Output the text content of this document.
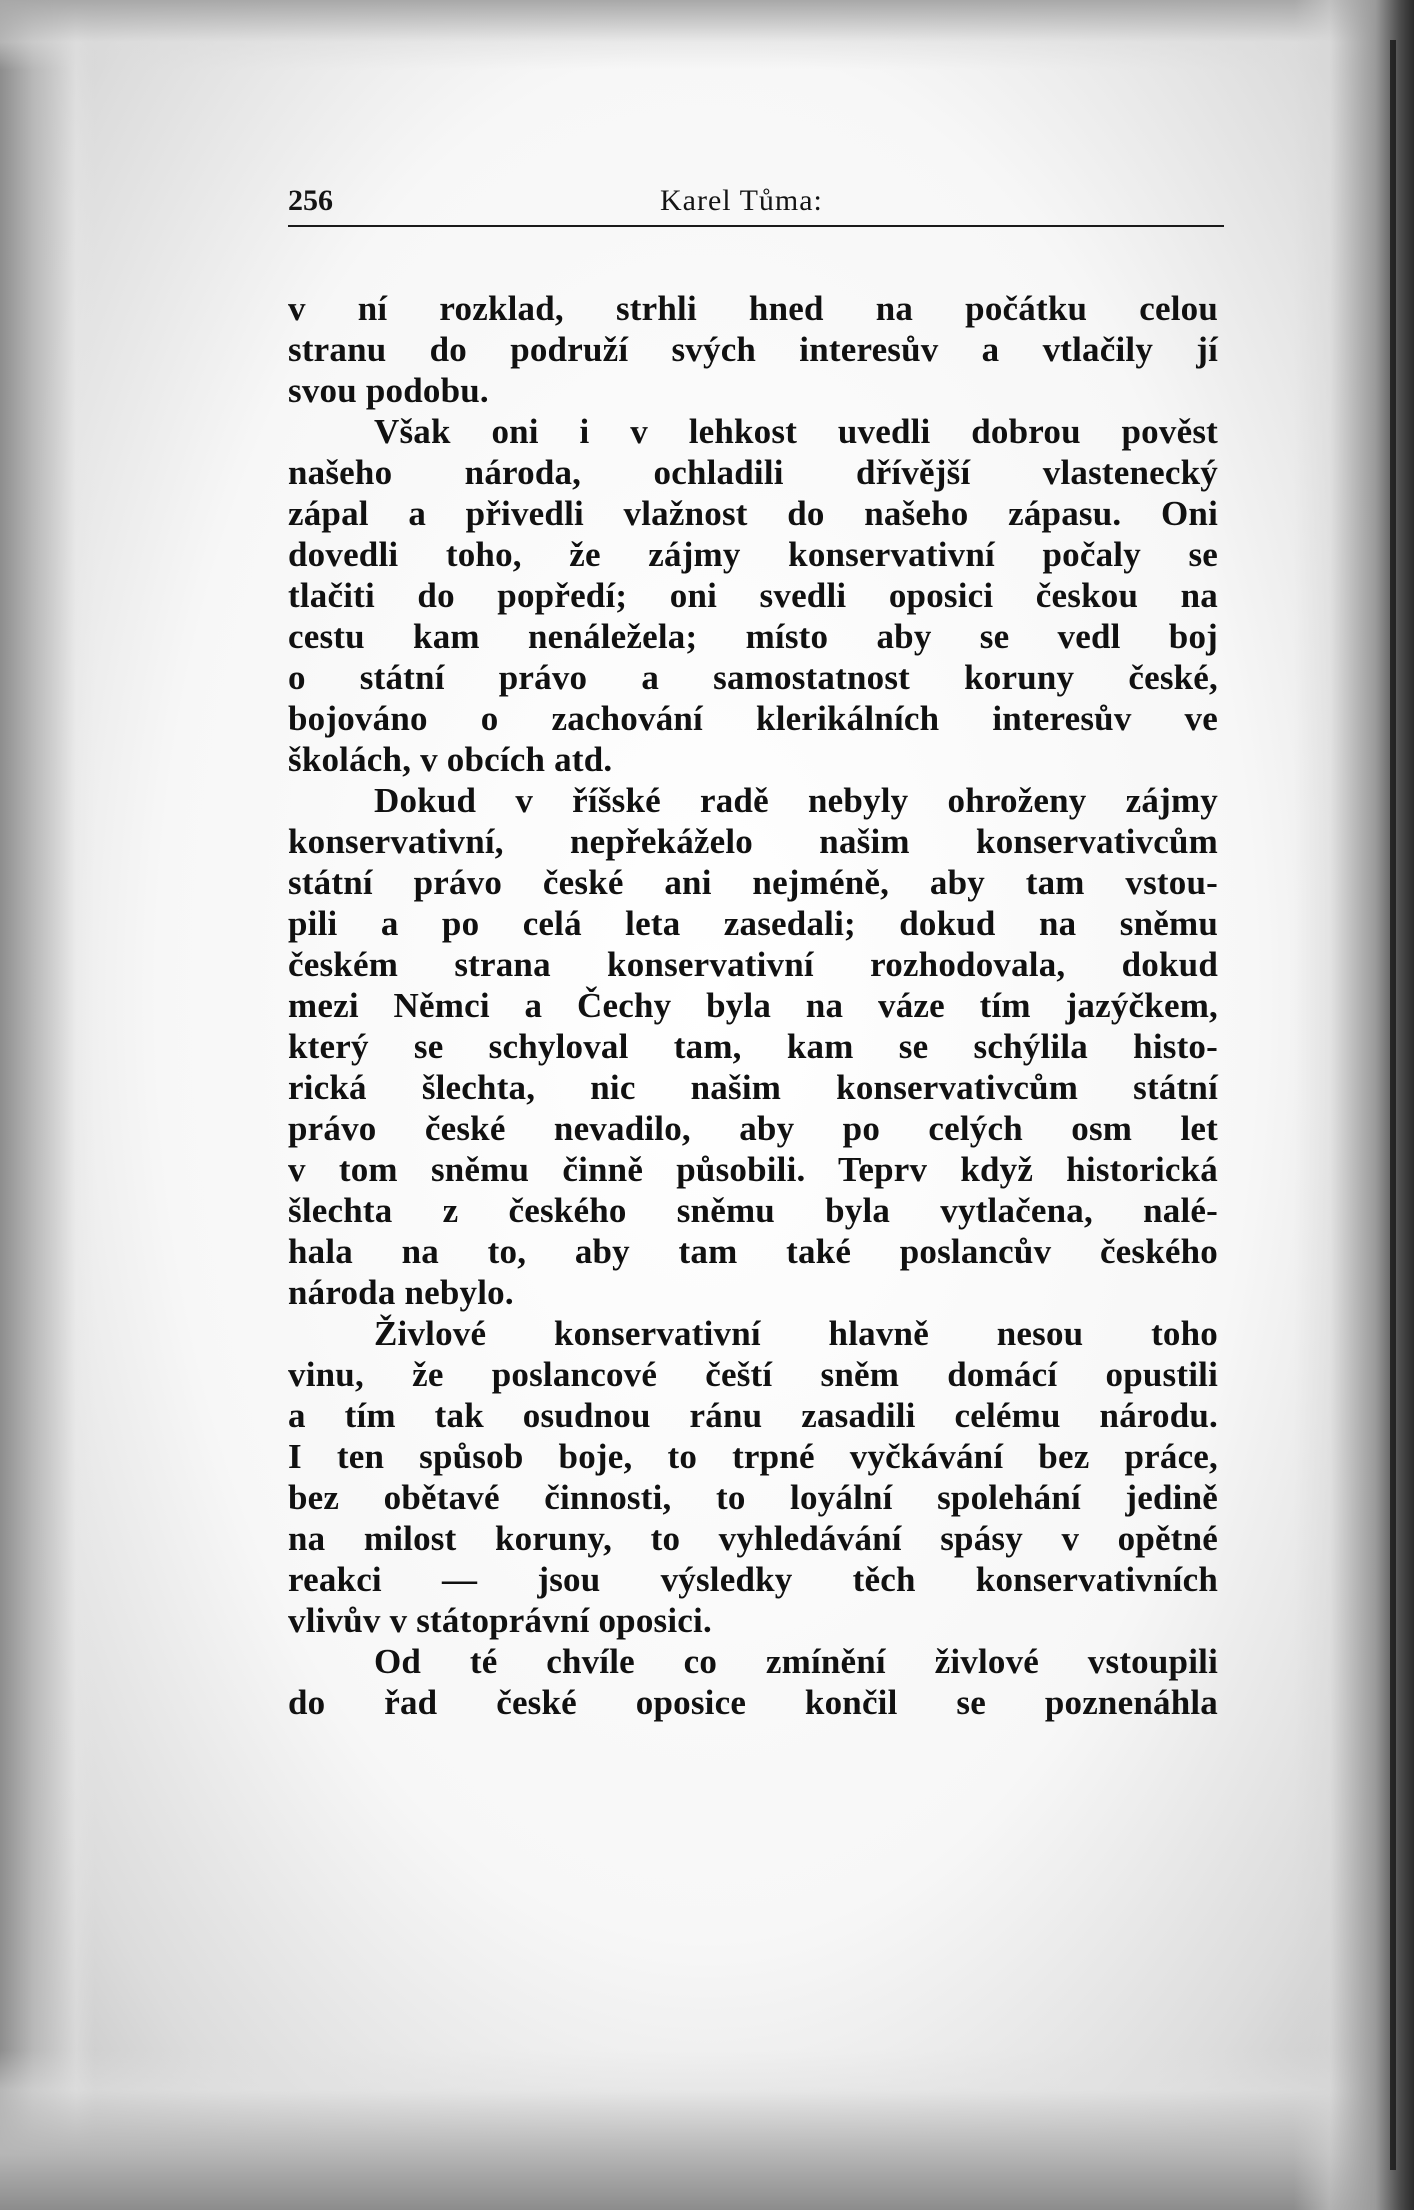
256	Karel Tůma:
v ní rozklad, strhli hned na počátku celou
stranu do podruží svých interesův a vtlačily jí
svou podobu.
Však oni i v lehkost uvedli dobrou pověst
našeho národa, ochladili dřívější vlastenecký
zápal a přivedli vlažnost do našeho zápasu. Oni
dovedli toho, že zájmy konservativní počaly se
tlačiti do popředí; oni svedli oposici českou na
cestu kam nenáležela; místo aby se vedl boj
o státní právo a samostatnost koruny české,
bojováno o zachování klerikálních interesův ve
školách, v obcích atd.
Dokud v říšské radě nebyly ohroženy zájmy
konservativní, nepřekáželo našim konservativcům
státní právo české ani nejméně, aby tam vstou-
pili a po celá leta zasedali; dokud na sněmu
českém strana konservativní rozhodovala, dokud
mezi Němci a Čechy byla na váze tím jazýčkem,
který se schyloval tam, kam se schýlila histo-
rická šlechta, nic našim konservativcům státní
právo české nevadilo, aby po celých osm let
v tom sněmu činně působili. Teprv když historická
šlechta z českého sněmu byla vytlačena, nalé-
hala na to, aby tam také poslancův českého
národa nebylo.
Živlové konservativní hlavně nesou toho
vinu, že poslancové čeští sněm domácí opustili
a tím tak osudnou ránu zasadili celému národu.
I ten spůsob boje, to trpné vyčkávání bez práce,
bez obětavé činnosti, to loyální spolehání jedině
na milost koruny, to vyhledávání spásy v opětné
reakci — jsou výsledky těch konservativních
vlivův v státoprávní oposici.
Od té chvíle co zmínění živlové vstoupili
do řad české oposice končil se poznenáhla
